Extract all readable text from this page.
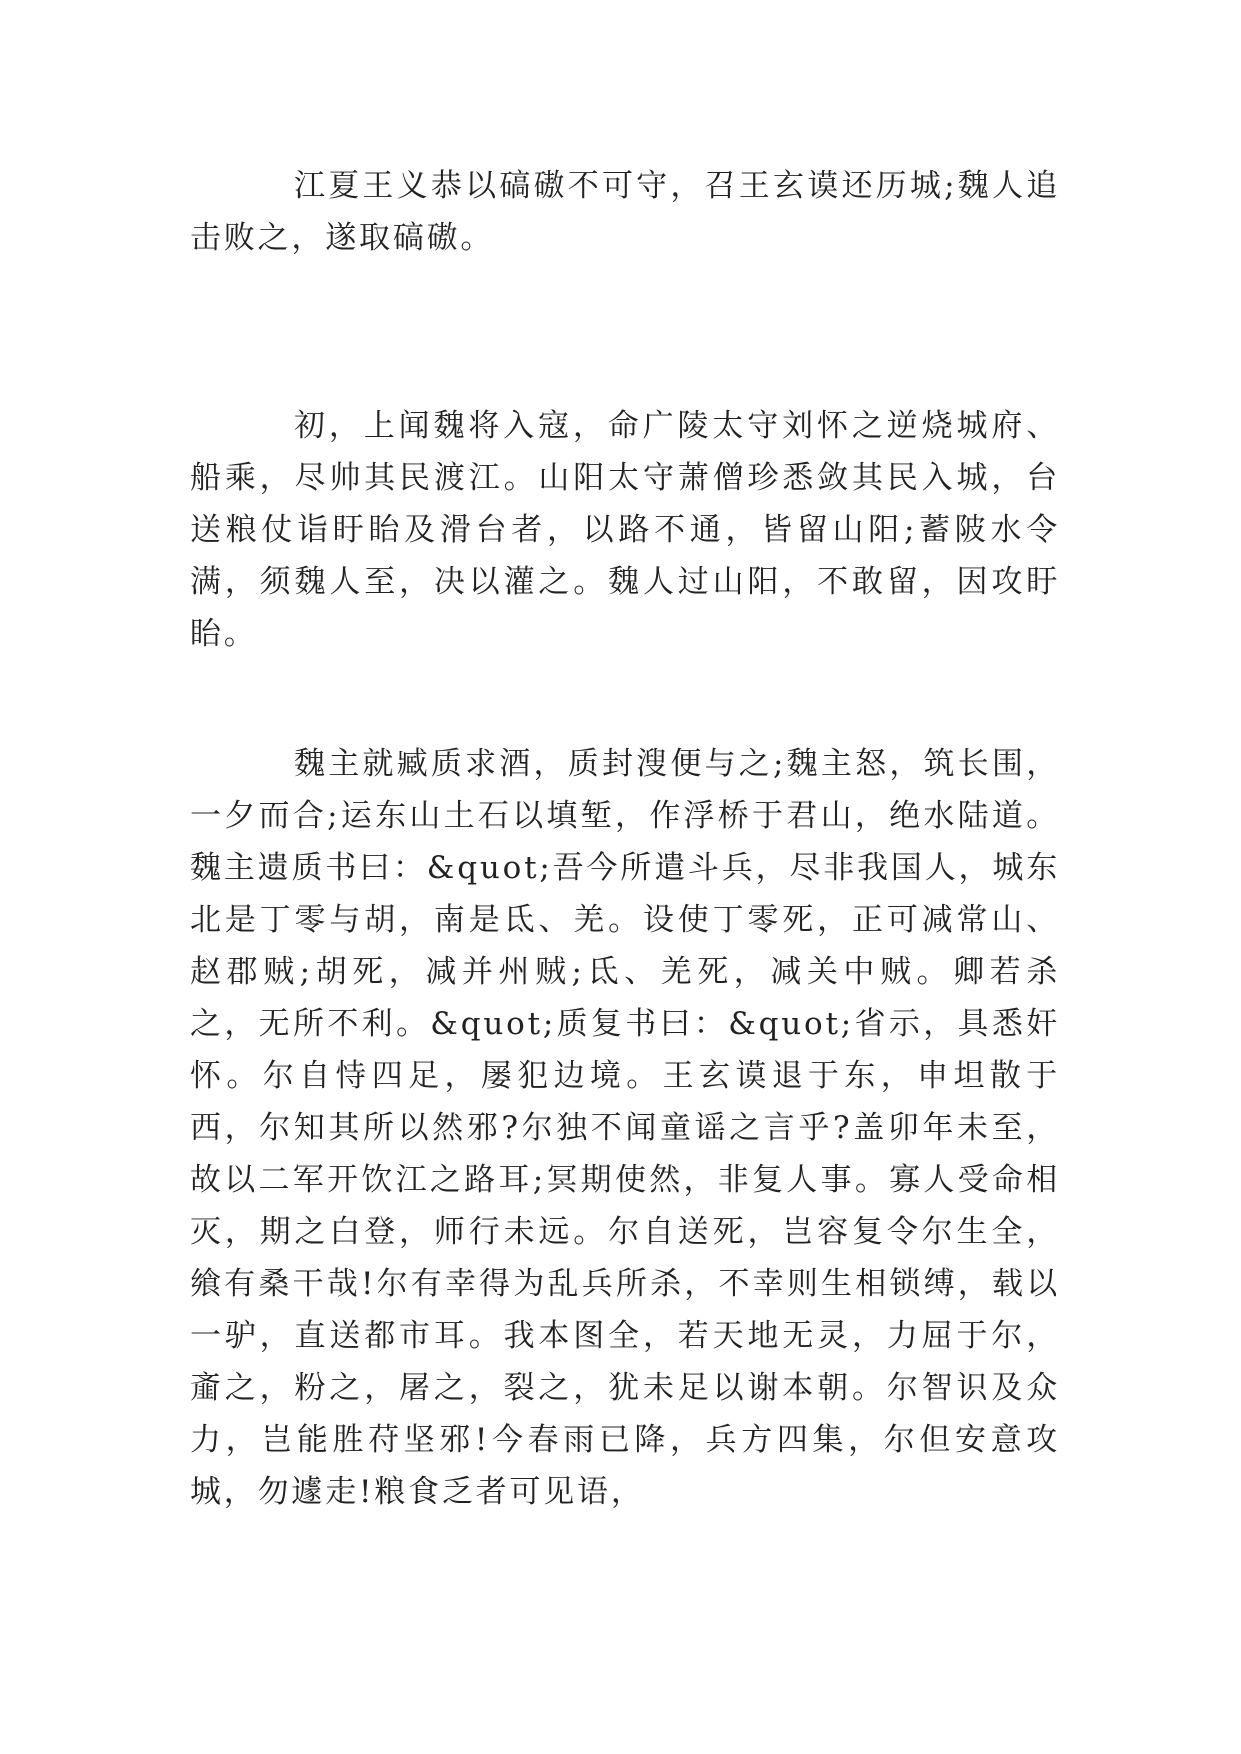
江夏王义恭以碻磝不可守，召王玄谟还历城;魏人追击败之，遂取碻磝。

初，上闻魏将入寇，命广陵太守刘怀之逆烧城府、船乘，尽帅其民渡江。山阳太守萧僧珍悉敛其民入城，台送粮仗诣盱眙及滑台者，以路不通，皆留山阳;蓄陂水令满，须魏人至，决以灌之。魏人过山阳，不敢留，因攻盱眙。

魏主就臧质求酒，质封溲便与之;魏主怒，筑长围，一夕而合;运东山土石以填堑，作浮桥于君山，绝水陆道。魏主遗质书曰：&quot;吾今所遣斗兵，尽非我国人，城东北是丁零与胡，南是氐、羌。设使丁零死，正可减常山、赵郡贼;胡死，减并州贼;氐、羌死，减关中贼。卿若杀之，无所不利。&quot;质复书曰：&quot;省示，具悉奸怀。尔自恃四足，屡犯边境。王玄谟退于东，申坦散于西，尔知其所以然邪?尔独不闻童谣之言乎?盖卯年未至，故以二军开饮江之路耳;冥期使然，非复人事。寡人受命相灭，期之白登，师行未远。尔自送死，岂容复令尔生全，飨有桑干哉!尔有幸得为乱兵所杀，不幸则生相锁缚，载以一驴，直送都市耳。我本图全，若天地无灵，力屈于尔，齑之，粉之，屠之，裂之，犹未足以谢本朝。尔智识及众力，岂能胜苻坚邪!今春雨已降，兵方四集，尔但安意攻城，勿遽走!粮食乏者可见语，
